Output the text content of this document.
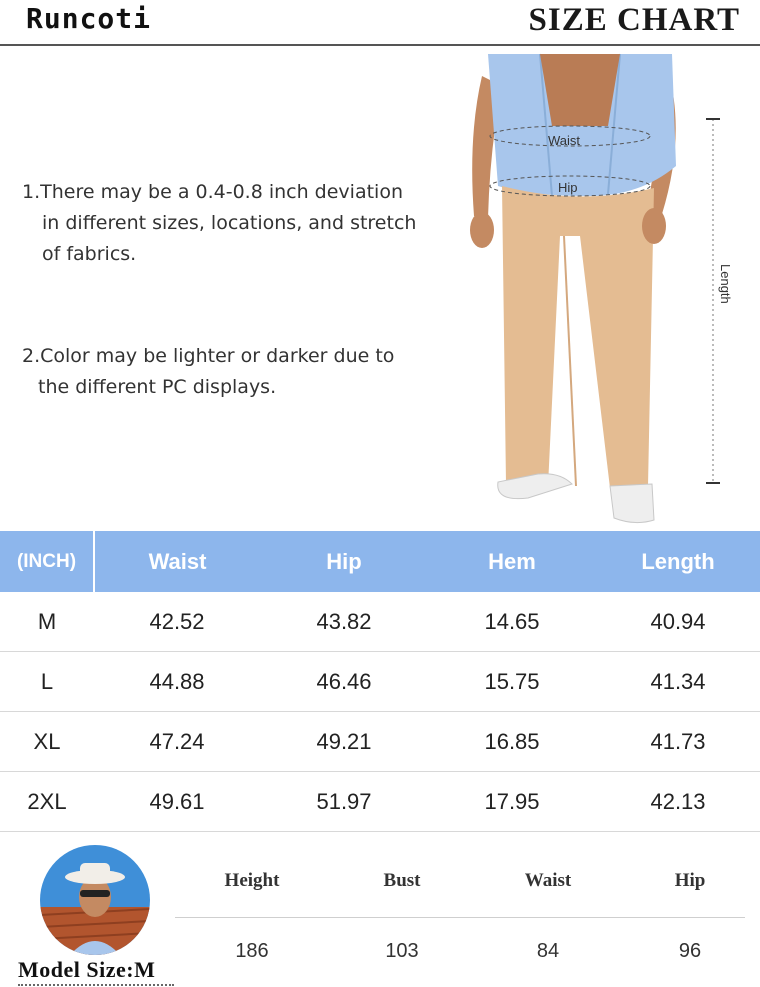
Runcoti	SIZE CHART
1.There may be a 0.4-0.8 inch deviation
in different sizes, locations, and stretch
of fabrics.
2.Color may be lighter or darker due to
the different PC displays.
Waist
Hip
Length
(INCH)	Waist	Hip	Hem	Length
M	42.52	43.82	14.65	40.94
L	44.88	46.46	15.75	41.34
XL	47.24	49.21	16.85	41.73
2XL	49.61	51.97	17.95	42.13
Model Size:M
Height	Bust	Waist	Hip
186	103	84	96
